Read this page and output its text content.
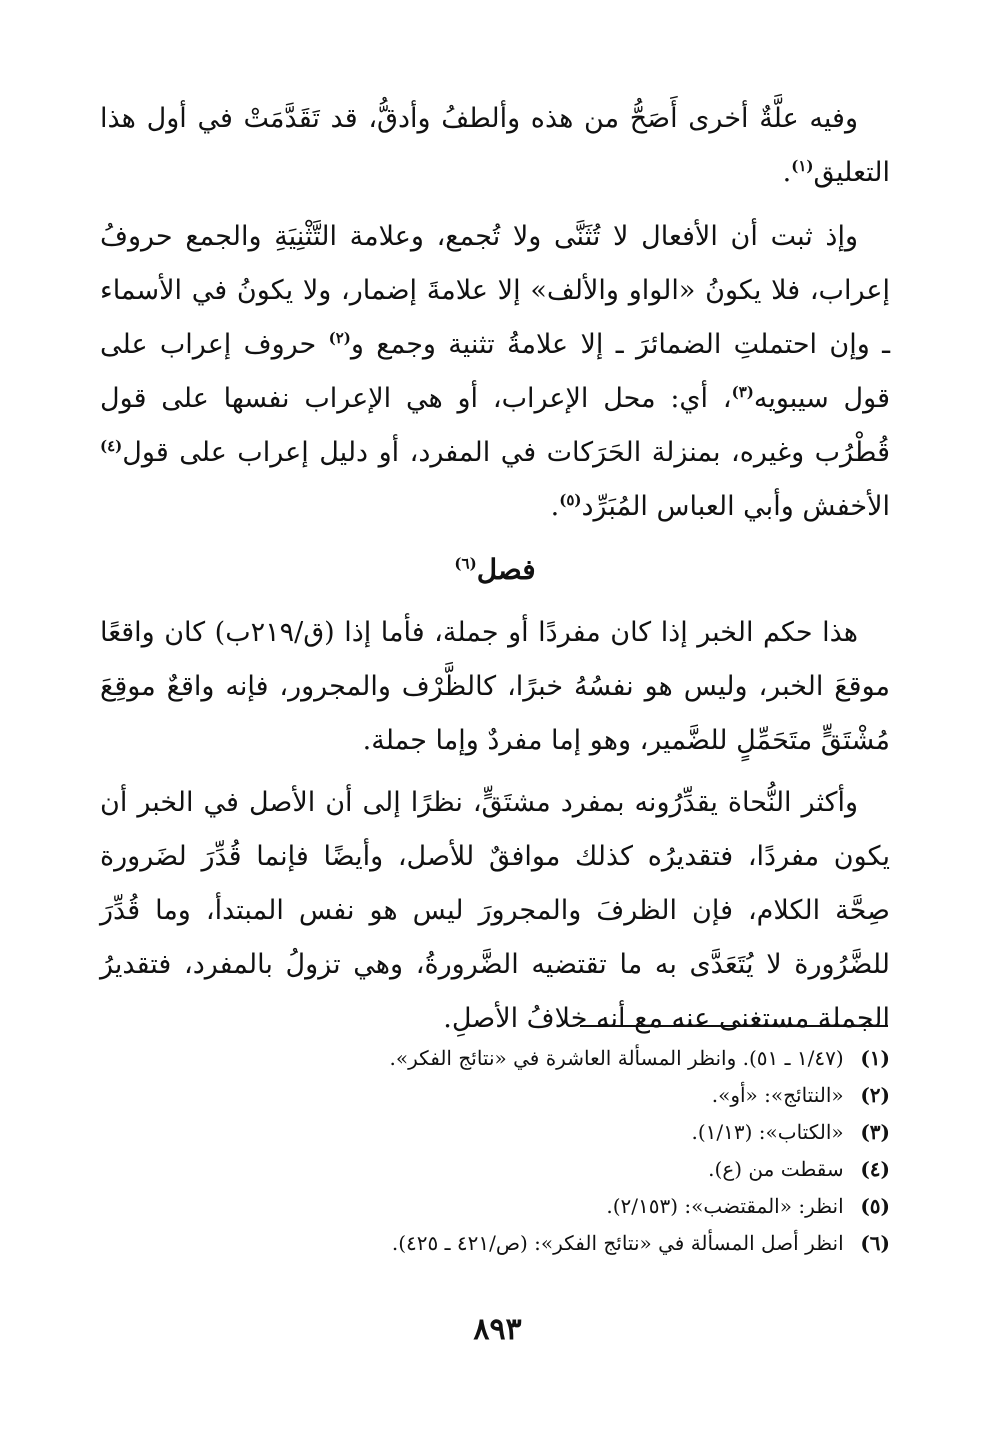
وفيه علَّةٌ أخرى أَصَحُّ من هذه وألطفُ وأدقُّ، قد تَقَدَّمَتْ في أول هذا التعليق$^{(١)}$.

وإذ ثبت أن الأفعال لا تُثَنَّى ولا تُجمع، وعلامة التَّثْنِيَةِ والجمع حروفُ إعراب، فلا يكونُ «الواو والألف» إلا علامةَ إضمار، ولا يكونُ في الأسماء ـ وإن احتملتِ الضمائرَ ـ إلا علامةُ تثنية وجمع و$^{(٢)}$ حروف إعراب على قول سيبويه$^{(٣)}$، أي: محل الإعراب، أو هي الإعراب نفسها على قول قُطْرُب وغيره، بمنزلة الحَرَكات في المفرد، أو دليل إعراب على قول$^{(٤)}$ الأخفش وأبي العباس المُبَرِّد$^{(٥)}$.

فصل$^{(٦)}$

هذا حكم الخبر إذا كان مفردًا أو جملة، فأما إذا (ق/٢١٩ب) كان واقعًا موقعَ الخبر، وليس هو نفسُهُ خبرًا، كالظَّرْف والمجرور، فإنه واقعٌ موقِعَ مُشْتَقٍّ متَحَمِّلٍ للضَّمير، وهو إما مفردٌ وإما جملة.

وأكثر النُّحاة يقدِّرُونه بمفرد مشتَقٍّ، نظرًا إلى أن الأصل في الخبر أن يكون مفردًا، فتقديرُه كذلك موافقٌ للأصل، وأيضًا فإنما قُدِّرَ لضَرورة صِحَّة الكلام، فإن الظرفَ والمجرورَ ليس هو نفس المبتدأ، وما قُدِّرَ للضَّرُورة لا يُتَعَدَّى به ما تقتضيه الضَّرورةُ، وهي تزولُ بالمفرد، فتقديرُ الجملة مستغنى عنه مع أنه خلافُ الأصلِ.

(١) (١/٤٧ ـ ٥١). وانظر المسألة العاشرة في «نتائج الفكر».
(٢) «النتائج»: «أو».
(٣) «الكتاب»: (١/١٣).
(٤) سقطت من (ع).
(٥) انظر: «المقتضب»: (٢/١٥٣).
(٦) انظر أصل المسألة في «نتائج الفكر»: (ص/٤٢١ ـ ٤٢٥).
٨٩٣
